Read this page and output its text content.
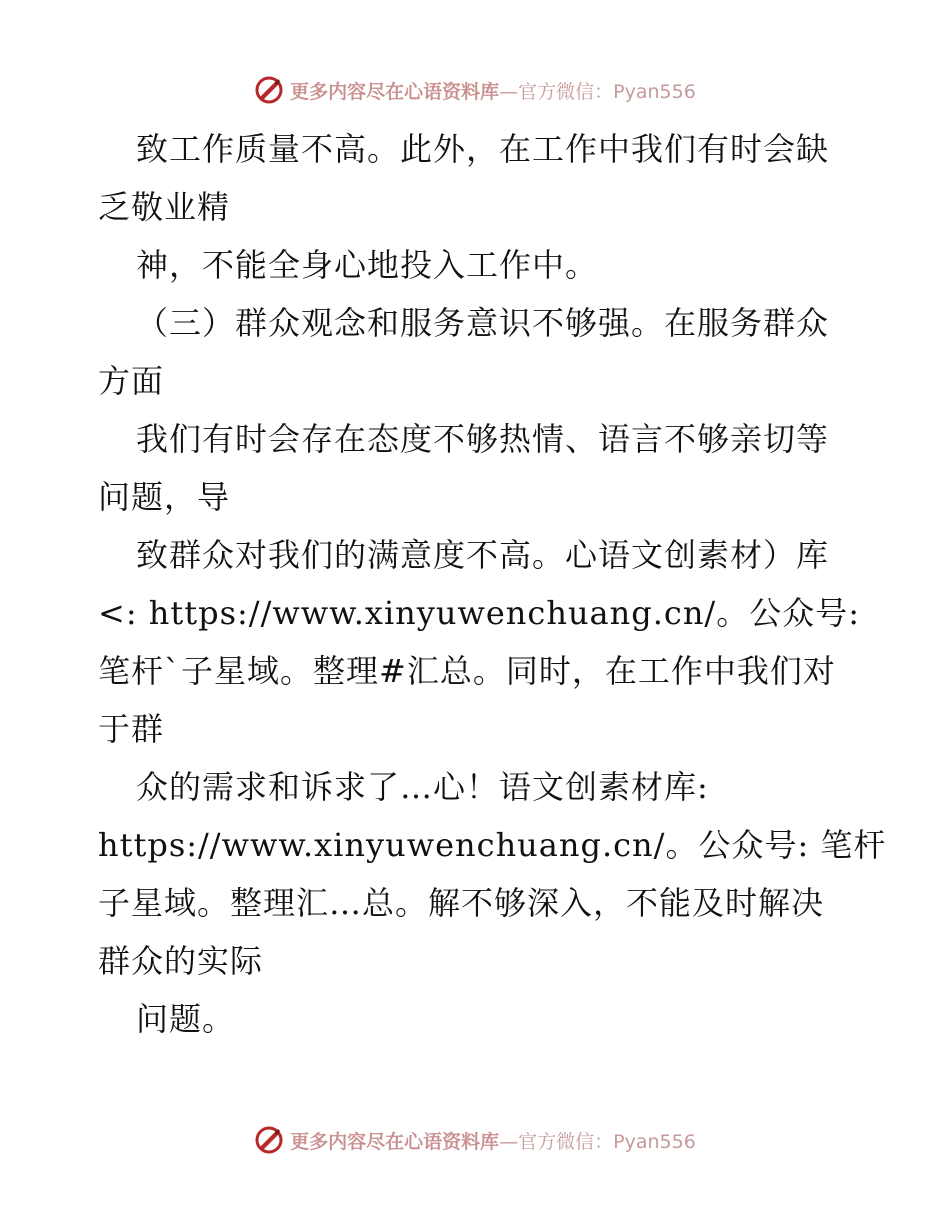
更多内容尽在心语资料库—官方微信：Pyan556
致工作质量不高。此外，在工作中我们有时会缺
乏敬业精
神，不能全身心地投入工作中。
（三）群众观念和服务意识不够强。在服务群众
方面
我们有时会存在态度不够热情、语言不够亲切等
问题，导
致群众对我们的满意度不高。心语文创素材）库
<: https://www.xinyuwenchuang.cn/。公众号:
笔杆`子星域。整理#汇总。同时，在工作中我们对
于群
众的需求和诉求了…心！语文创素材库:
https://www.xinyuwenchuang.cn/。公众号: 笔杆
子星域。整理汇…总。解不够深入，不能及时解决
群众的实际
问题。
更多内容尽在心语资料库—官方微信：Pyan556
